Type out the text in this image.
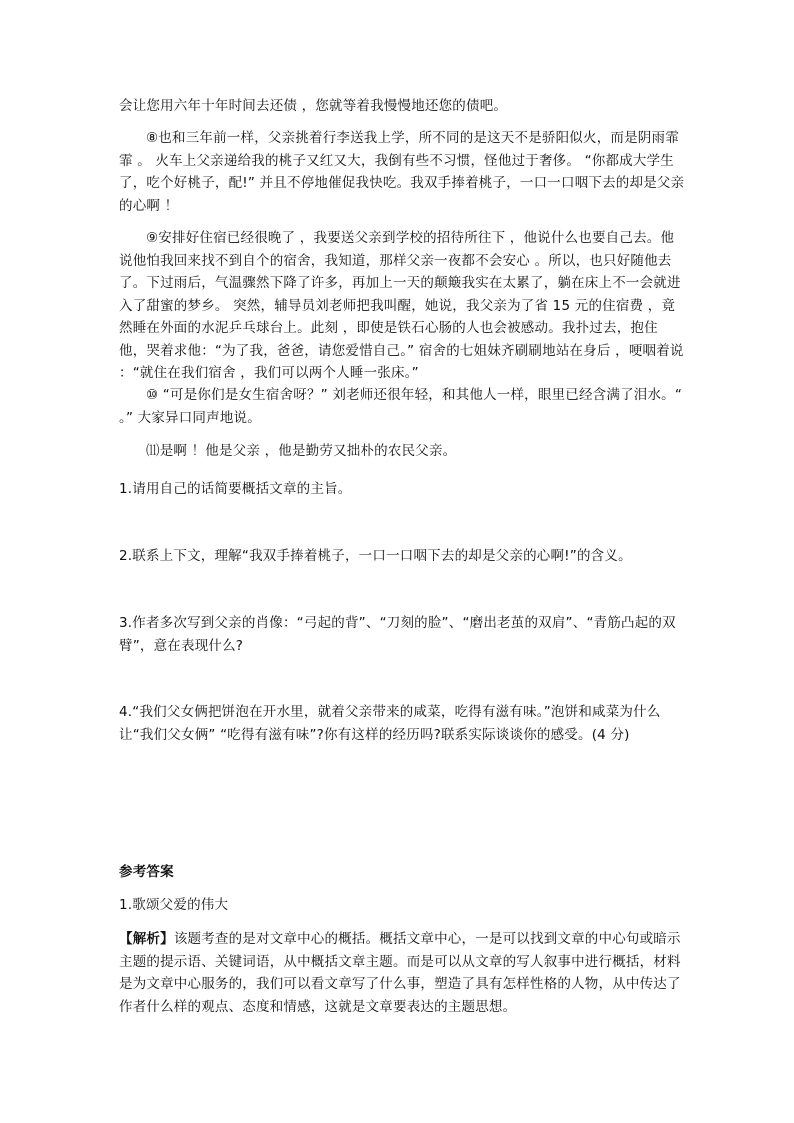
会让您用六年十年时间去还债 ，您就等着我慢慢地还您的债吧。

⑧也和三年前一样，父亲挑着行李送我上学，所不同的是这天不是骄阳似火，而是阴雨霏霏 。 火车上父亲递给我的桃子又红又大，我倒有些不习惯，怪他过于奢侈。 “你都成大学生了，吃个好桃子，配!” 并且不停地催促我快吃。我双手捧着桃子，一口一口咽下去的却是父亲的心啊 ！

⑨安排好住宿已经很晚了 ，我要送父亲到学校的招待所往下 ，他说什么也要自己去。他说他怕我回来找不到自个的宿舍，我知道，那样父亲一夜都不会安心 。所以，也只好随他去了。下过雨后，气温骤然下降了许多，再加上一天的颠簸我实在太累了，躺在床上不一会就进入了甜蜜的梦乡。 突然，辅导员刘老师把我叫醒，她说，我父亲为了省 15 元的住宿费 ，竟然睡在外面的水泥乒乓球台上。此刻 ，即使是铁石心肠的人也会被感动。我扑过去，抱住他，哭着求他：“为了我，爸爸，请您爱惜自己。” 宿舍的七姐妹齐刷刷地站在身后 ，哽咽着说 ：“就住在我们宿舍 ，我们可以两个人睡一张床。”

⑩ “可是你们是女生宿舍呀？” 刘老师还很年轻，和其他人一样，眼里已经含满了泪水。“ 。” 大家异口同声地说。

⑾是啊 ！他是父亲 ，他是勤劳又拙朴的农民父亲。

1.请用自己的话简要概括文章的主旨。

2.联系上下文，理解“我双手捧着桃子，一口一口咽下去的却是父亲的心啊!”的含义。

3.作者多次写到父亲的肖像：“弓起的背”、“刀刻的脸”、“磨出老茧的双肩”、“青筋凸起的双臂”，意在表现什么?

4.“我们父女俩把饼泡在开水里，就着父亲带来的咸菜，吃得有滋有味。”泡饼和咸菜为什么让“我们父女俩” “吃得有滋有味”?你有这样的经历吗?联系实际谈谈你的感受。(4 分)

参考答案

1.歌颂父爱的伟大

【解析】该题考查的是对文章中心的概括。概括文章中心，一是可以找到文章的中心句或暗示主题的提示语、关键词语，从中概括文章主题。而是可以从文章的写人叙事中进行概括，材料是为文章中心服务的，我们可以看文章写了什么事，塑造了具有怎样性格的人物，从中传达了作者什么样的观点、态度和情感，这就是文章要表达的主题思想。
